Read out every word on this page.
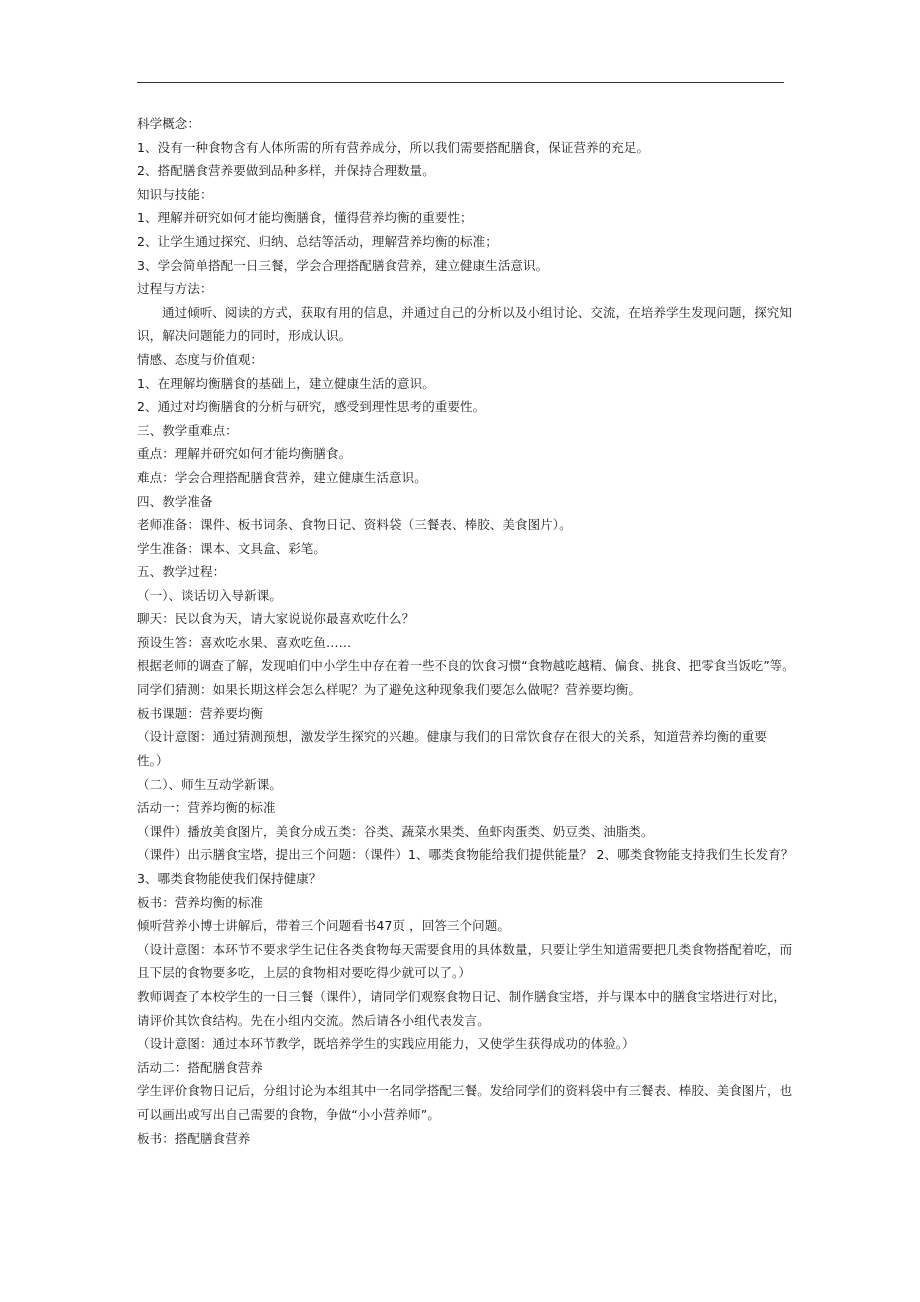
科学概念：
1、没有一种食物含有人体所需的所有营养成分，所以我们需要搭配膳食，保证营养的充足。
2、搭配膳食营养要做到品种多样，并保持合理数量。
知识与技能：
1、理解并研究如何才能均衡膳食，懂得营养均衡的重要性；
2、让学生通过探究、归纳、总结等活动，理解营养均衡的标准；
3、学会简单搭配一日三餐，学会合理搭配膳食营养，建立健康生活意识。
过程与方法：
通过倾听、阅读的方式，获取有用的信息，并通过自己的分析以及小组讨论、交流，在培养学生发现问题，探究知
识，解决问题能力的同时，形成认识。
情感、态度与价值观：
1、在理解均衡膳食的基础上，建立健康生活的意识。
2、通过对均衡膳食的分析与研究，感受到理性思考的重要性。
三、教学重难点：
重点：理解并研究如何才能均衡膳食。
难点：学会合理搭配膳食营养，建立健康生活意识。
四、教学准备
老师准备：课件、板书词条、食物日记、资料袋（三餐表、棒胶、美食图片）。
学生准备：课本、文具盒、彩笔。
五、教学过程：
（一）、谈话切入导新课。
聊天：民以食为天，请大家说说你最喜欢吃什么？
预设生答：喜欢吃水果、喜欢吃鱼……
根据老师的调查了解，发现咱们中小学生中存在着一些不良的饮食习惯“食物越吃越精、偏食、挑食、把零食当饭吃”等。
同学们猜测：如果长期这样会怎么样呢？为了避免这种现象我们要怎么做呢？营养要均衡。
板书课题：营养要均衡
（设计意图：通过猜测预想，激发学生探究的兴趣。健康与我们的日常饮食存在很大的关系，知道营养均衡的重要
性。）
（二）、师生互动学新课。
活动一：营养均衡的标准
（课件）播放美食图片，美食分成五类：谷类、蔬菜水果类、鱼虾肉蛋类、奶豆类、油脂类。
（课件）出示膳食宝塔，提出三个问题：（课件）1、哪类食物能给我们提供能量？ 2、哪类食物能支持我们生长发育？
3、哪类食物能使我们保持健康？
板书：营养均衡的标准
倾听营养小博士讲解后，带着三个问题看书47页 ，回答三个问题。
（设计意图：本环节不要求学生记住各类食物每天需要食用的具体数量，只要让学生知道需要把几类食物搭配着吃，而
且下层的食物要多吃，上层的食物相对要吃得少就可以了。）
教师调查了本校学生的一日三餐（课件），请同学们观察食物日记、制作膳食宝塔，并与课本中的膳食宝塔进行对比，
请评价其饮食结构。先在小组内交流。然后请各小组代表发言。
（设计意图：通过本环节教学，既培养学生的实践应用能力，又使学生获得成功的体验。）
活动二：搭配膳食营养
学生评价食物日记后，分组讨论为本组其中一名同学搭配三餐。发给同学们的资料袋中有三餐表、棒胶、美食图片，也
可以画出或写出自己需要的食物，争做“小小营养师”。
板书：搭配膳食营养
